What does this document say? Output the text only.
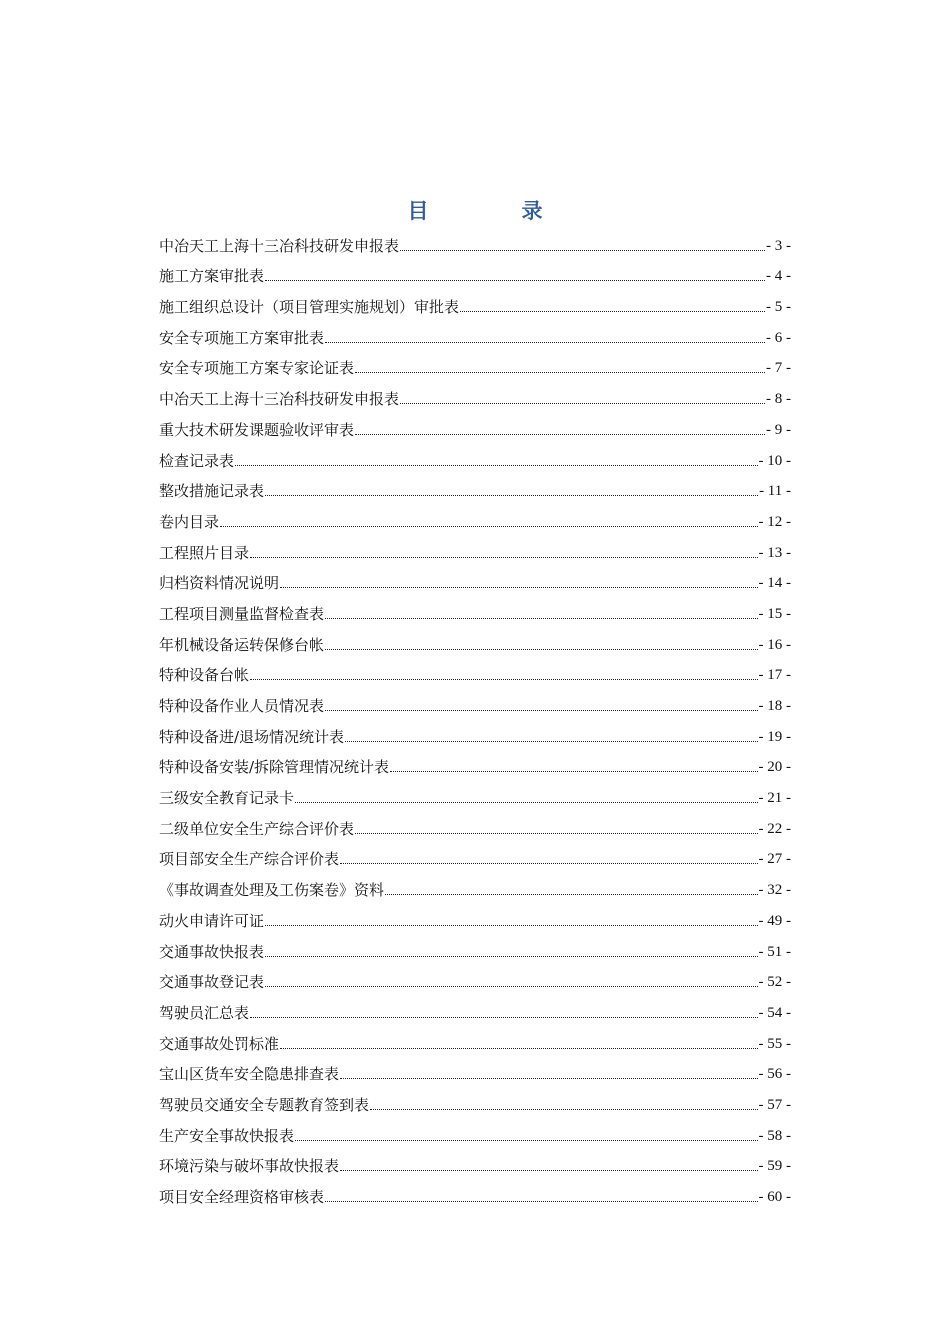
目　录
中冶天工上海十三冶科技研发申报表	- 3 -
施工方案审批表	- 4 -
施工组织总设计（项目管理实施规划）审批表	- 5 -
安全专项施工方案审批表	- 6 -
安全专项施工方案专家论证表	- 7 -
中冶天工上海十三冶科技研发申报表	- 8 -
重大技术研发课题验收评审表	- 9 -
检查记录表	- 10 -
整改措施记录表	- 11 -
卷内目录	- 12 -
工程照片目录	- 13 -
归档资料情况说明	- 14 -
工程项目测量监督检查表	- 15 -
年机械设备运转保修台帐	- 16 -
特种设备台帐	- 17 -
特种设备作业人员情况表	- 18 -
特种设备进/退场情况统计表	- 19 -
特种设备安装/拆除管理情况统计表	- 20 -
三级安全教育记录卡	- 21 -
二级单位安全生产综合评价表	- 22 -
项目部安全生产综合评价表	- 27 -
《事故调查处理及工伤案卷》资料	- 32 -
动火申请许可证	- 49 -
交通事故快报表	- 51 -
交通事故登记表	- 52 -
驾驶员汇总表	- 54 -
交通事故处罚标准	- 55 -
宝山区货车安全隐患排查表	- 56 -
驾驶员交通安全专题教育签到表	- 57 -
生产安全事故快报表	- 58 -
环境污染与破坏事故快报表	- 59 -
项目安全经理资格审核表	- 60 -
